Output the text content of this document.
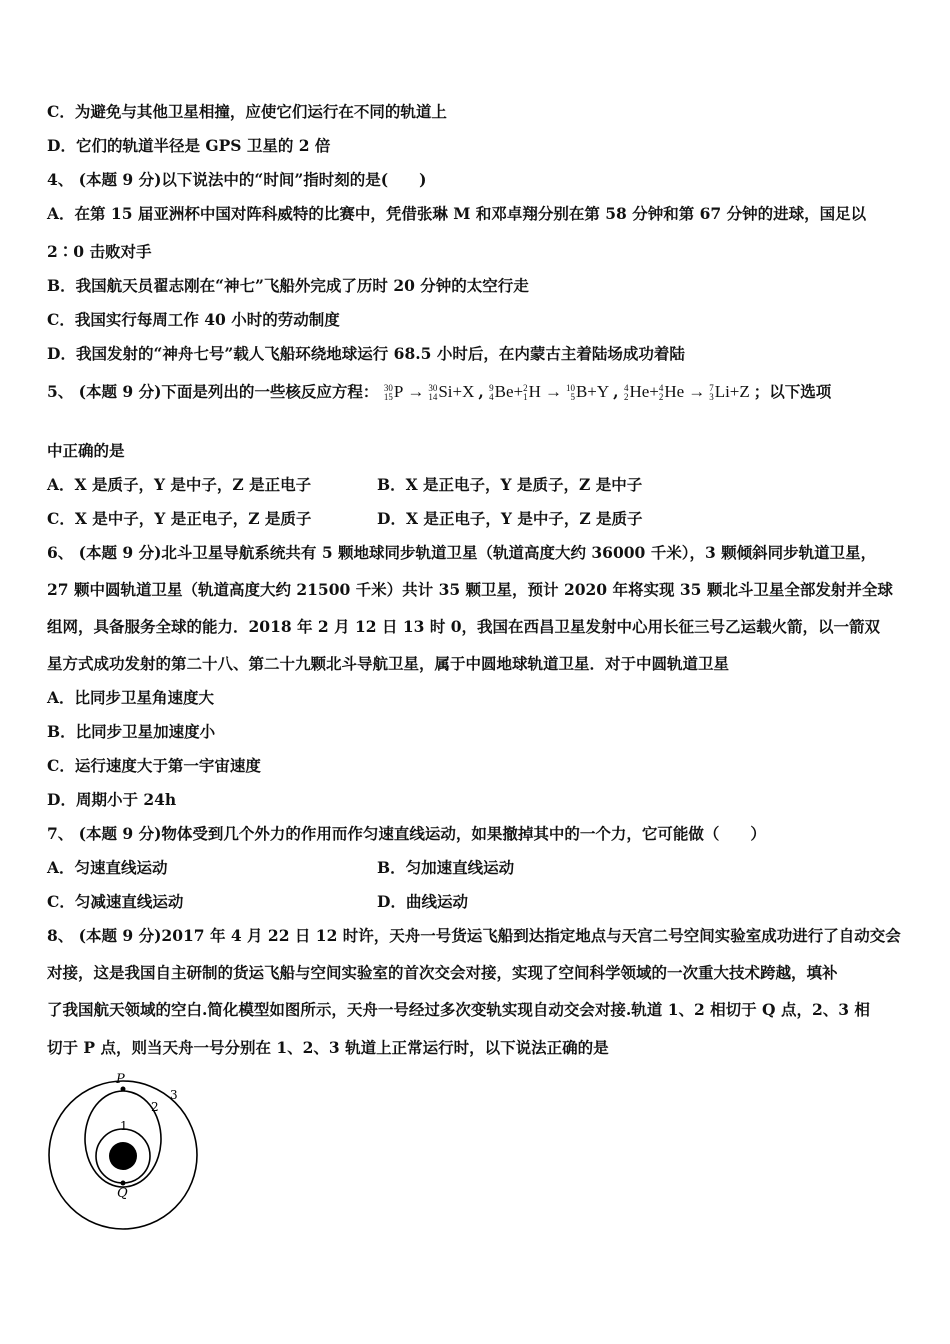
C．为避免与其他卫星相撞，应使它们运行在不同的轨道上
D．它们的轨道半径是 GPS 卫星的 2 倍
4、 (本题 9 分)以下说法中的“时间”指时刻的是(　　)
A．在第 15 届亚洲杯中国对阵科威特的比赛中，凭借张琳 M 和邓卓翔分别在第 58 分钟和第 67 分钟的进球，国足以
2∶0 击败对手
B．我国航天员翟志刚在“神七”飞船外完成了历时 20 分钟的太空行走
C．我国实行每周工作 40 小时的劳动制度
D．我国发射的“神舟七号”载人飞船环绕地球运行 68.5 小时后，在内蒙古主着陆场成功着陆
5、 (本题 9 分)下面是列出的一些核反应方程： 30
15 P → 30
14 Si+X , 9
4 Be+ 2
1 H → 10
5 B+Y , 4
2 He+ 4
2 He → 7
3 Li+Z ；以下选项
中正确的是
A．X 是质子，Y 是中子，Z 是正电子	B．X 是正电子，Y 是质子，Z 是中子
C．X 是中子，Y 是正电子，Z 是质子	D．X 是正电子，Y 是中子，Z 是质子
6、 (本题 9 分)北斗卫星导航系统共有 5 颗地球同步轨道卫星（轨道高度大约 36000 千米），3 颗倾斜同步轨道卫星，
27 颗中圆轨道卫星（轨道高度大约 21500 千米）共计 35 颗卫星，预计 2020 年将实现 35 颗北斗卫星全部发射并全球
组网，具备服务全球的能力．2018 年 2 月 12 日 13 时 0，我国在西昌卫星发射中心用长征三号乙运载火箭，以一箭双
星方式成功发射的第二十八、第二十九颗北斗导航卫星，属于中圆地球轨道卫星．对于中圆轨道卫星
A．比同步卫星角速度大
B．比同步卫星加速度小
C．运行速度大于第一宇宙速度
D．周期小于 24h
7、 (本题 9 分)物体受到几个外力的作用而作匀速直线运动，如果撤掉其中的一个力，它可能做（　　）
A．匀速直线运动	B．匀加速直线运动
C．匀减速直线运动	D．曲线运动
8、 (本题 9 分)2017 年 4 月 22 日 12 时许，天舟一号货运飞船到达指定地点与天宫二号空间实验室成功进行了自动交会
对接，这是我国自主研制的货运飞船与空间实验室的首次交会对接，实现了空间科学领域的一次重大技术跨越，填补
了我国航天领域的空白.简化模型如图所示，天舟一号经过多次变轨实现自动交会对接.轨道 1、2 相切于 Q 点，2、3 相
切于 P 点，则当天舟一号分别在 1、2、3 轨道上正常运行时，以下说法正确的是
P
Q
1
2
3
